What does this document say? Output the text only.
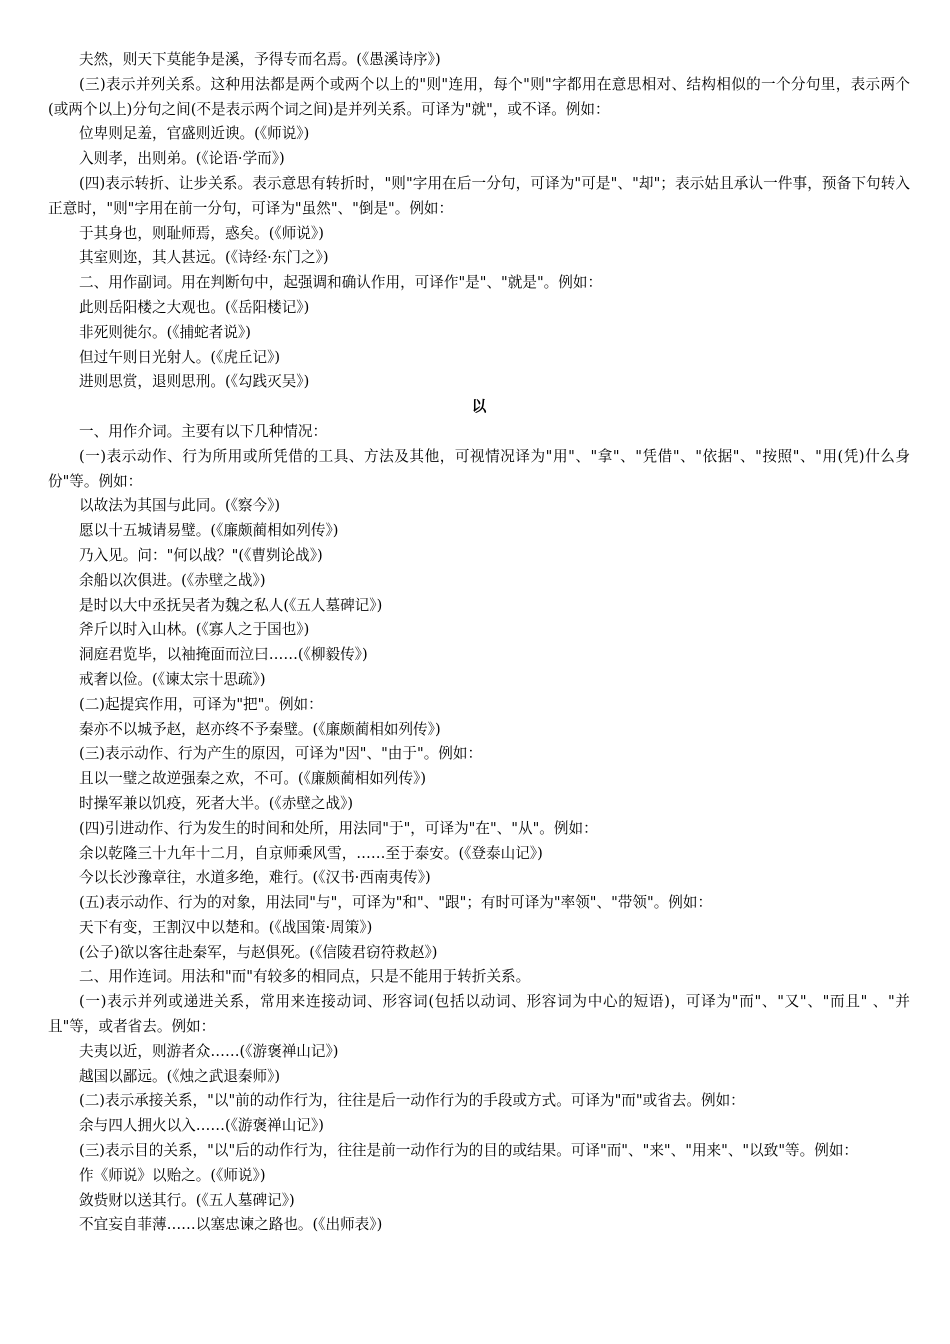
夫然，则天下莫能争是溪，予得专而名焉。(《愚溪诗序》)

(三)表示并列关系。这种用法都是两个或两个以上的"则"连用，每个"则"字都用在意思相对、结构相似的一个分句里，表示两个(或两个以上)分句之间(不是表示两个词之间)是并列关系。可译为"就"，或不译。例如：

位卑则足羞，官盛则近谀。(《师说》)

入则孝，出则弟。(《论语·学而》)

(四)表示转折、让步关系。表示意思有转折时，"则"字用在后一分句，可译为"可是"、"却"；表示姑且承认一件事，预备下句转入正意时，"则"字用在前一分句，可译为"虽然"、"倒是"。例如：

于其身也，则耻师焉，惑矣。(《师说》)

其室则迩，其人甚远。(《诗经·东门之》)

二、用作副词。用在判断句中，起强调和确认作用，可译作"是"、"就是"。例如：

此则岳阳楼之大观也。(《岳阳楼记》)

非死则徙尔。(《捕蛇者说》)

但过午则日光射人。(《虎丘记》)

进则思赏，退则思刑。(《勾践灭吴》)

以

一、用作介词。主要有以下几种情况：

(一)表示动作、行为所用或所凭借的工具、方法及其他，可视情况译为"用"、"拿"、"凭借"、"依据"、"按照"、"用(凭)什么身份"等。例如：

以故法为其国与此同。(《察今》)

愿以十五城请易璧。(《廉颇蔺相如列传》)

乃入见。问："何以战？"(《曹刿论战》)

余船以次俱进。(《赤壁之战》)

是时以大中丞抚吴者为魏之私人(《五人墓碑记》)

斧斤以时入山林。(《寡人之于国也》)

洞庭君览毕，以袖掩面而泣曰……(《柳毅传》)

戒奢以俭。(《谏太宗十思疏》)

(二)起提宾作用，可译为"把"。例如：

秦亦不以城予赵，赵亦终不予秦璧。(《廉颇蔺相如列传》)

(三)表示动作、行为产生的原因，可译为"因"、"由于"。例如：

且以一璧之故逆强秦之欢，不可。(《廉颇蔺相如列传》)

时操军兼以饥疫，死者大半。(《赤壁之战》)

(四)引进动作、行为发生的时间和处所，用法同"于"，可译为"在"、"从"。例如：

余以乾隆三十九年十二月，自京师乘风雪，……至于泰安。(《登泰山记》)

今以长沙豫章往，水道多绝，难行。(《汉书·西南夷传》)

(五)表示动作、行为的对象，用法同"与"，可译为"和"、"跟"；有时可译为"率领"、"带领"。例如：

天下有变，王割汉中以楚和。(《战国策·周策》)

(公子)欲以客往赴秦军，与赵俱死。(《信陵君窃符救赵》)

二、用作连词。用法和"而"有较多的相同点，只是不能用于转折关系。

(一)表示并列或递进关系，常用来连接动词、形容词(包括以动词、形容词为中心的短语)，可译为"而"、"又"、"而且" 、"并且"等，或者省去。例如：

夫夷以近，则游者众……(《游褒禅山记》)

越国以鄙远。(《烛之武退秦师》)

(二)表示承接关系，"以"前的动作行为，往往是后一动作行为的手段或方式。可译为"而"或省去。例如：

余与四人拥火以入……(《游褒禅山记》)

(三)表示目的关系，"以"后的动作行为，往往是前一动作行为的目的或结果。可译"而"、"来"、"用来"、"以致"等。例如：

作《师说》以贻之。(《师说》)

敛赀财以送其行。(《五人墓碑记》)

不宜妄自菲薄……以塞忠谏之路也。(《出师表》)
